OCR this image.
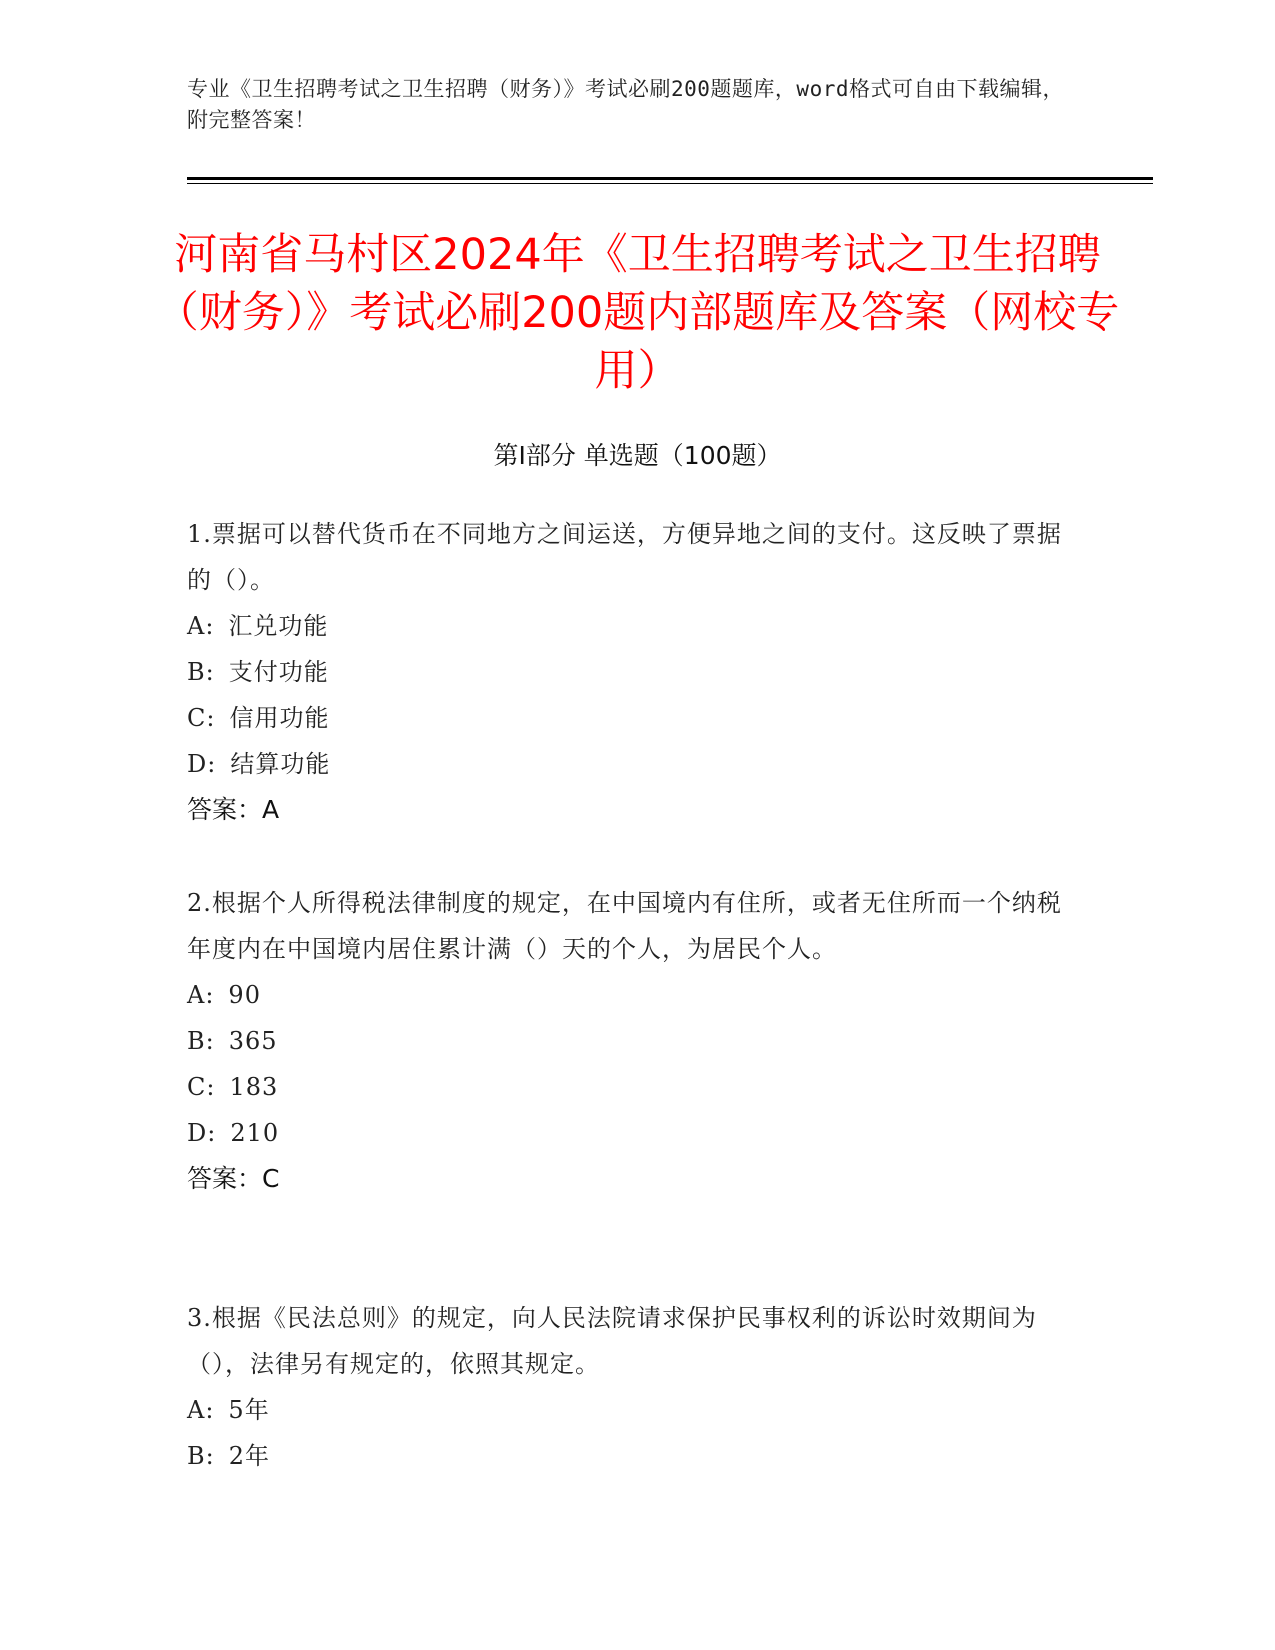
专业《卫生招聘考试之卫生招聘（财务）》考试必刷200题题库，word格式可自由下载编辑，附完整答案！
河南省马村区2024年《卫生招聘考试之卫生招聘（财务）》考试必刷200题内部题库及答案（网校专用）
第Ⅰ部分 单选题（100题）

1.票据可以替代货币在不同地方之间运送，方便异地之间的支付。这反映了票据的（）。

A: 汇兑功能

B: 支付功能

C: 信用功能

D: 结算功能

答案：A

2.根据个人所得税法律制度的规定，在中国境内有住所，或者无住所而一个纳税年度内在中国境内居住累计满（）天的个人，为居民个人。

A: 90

B: 365

C: 183

D: 210

答案：C

3.根据《民法总则》的规定，向人民法院请求保护民事权利的诉讼时效期间为（），法律另有规定的，依照其规定。

A: 5年

B: 2年
